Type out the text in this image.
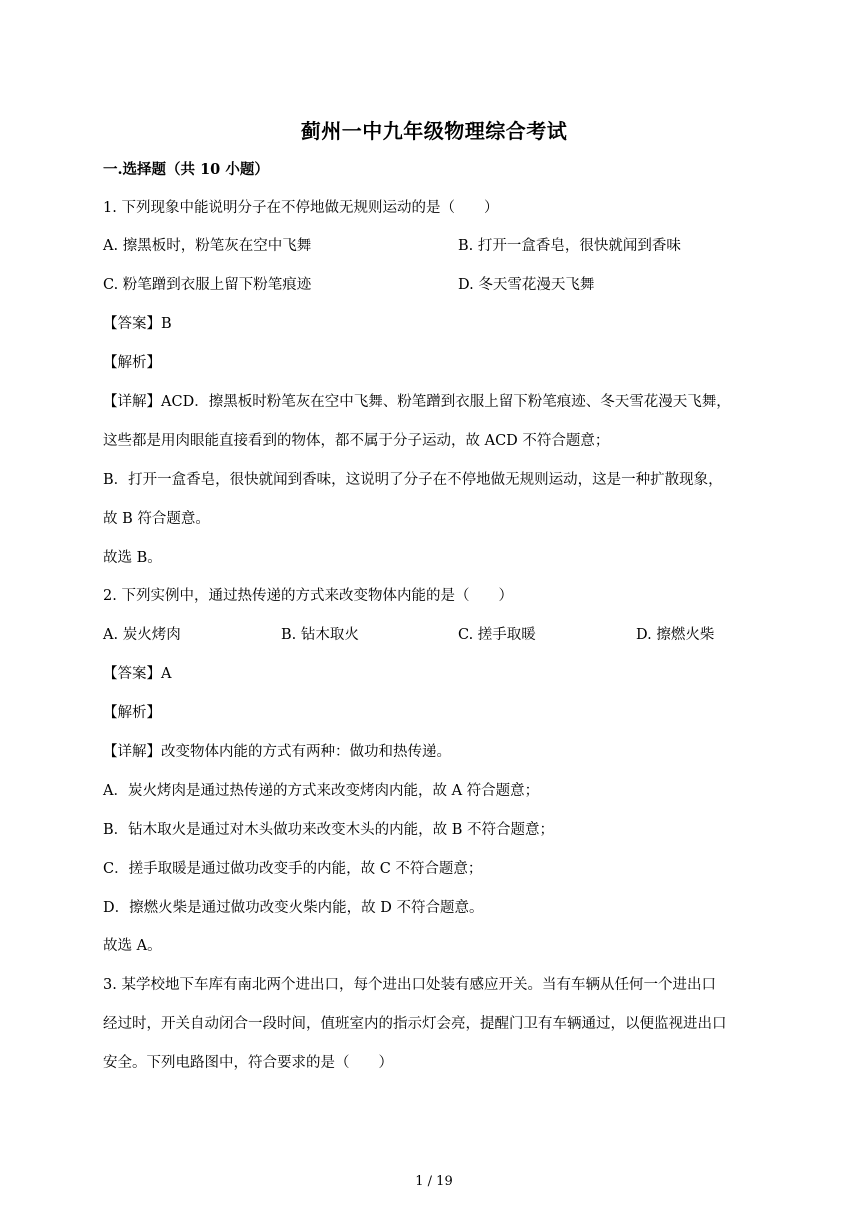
蓟州一中九年级物理综合考试
一.选择题（共 10 小题）
1. 下列现象中能说明分子在不停地做无规则运动的是（　　）
A. 擦黑板时，粉笔灰在空中飞舞	B. 打开一盒香皂，很快就闻到香味
C. 粉笔蹭到衣服上留下粉笔痕迹	D. 冬天雪花漫天飞舞
【答案】B
【解析】
【详解】ACD．擦黑板时粉笔灰在空中飞舞、粉笔蹭到衣服上留下粉笔痕迹、冬天雪花漫天飞舞，
这些都是用肉眼能直接看到的物体，都不属于分子运动，故 ACD 不符合题意；
B．打开一盒香皂，很快就闻到香味，这说明了分子在不停地做无规则运动，这是一种扩散现象，
故 B 符合题意。
故选 B。
2. 下列实例中，通过热传递的方式来改变物体内能的是（　　）
A. 炭火烤肉	B. 钻木取火	C. 搓手取暖	D. 擦燃火柴
【答案】A
【解析】
【详解】改变物体内能的方式有两种：做功和热传递。
A．炭火烤肉是通过热传递的方式来改变烤肉内能，故 A 符合题意；
B．钻木取火是通过对木头做功来改变木头的内能，故 B 不符合题意；
C．搓手取暖是通过做功改变手的内能，故 C 不符合题意；
D．擦燃火柴是通过做功改变火柴内能，故 D 不符合题意。
故选 A。
3. 某学校地下车库有南北两个进出口，每个进出口处装有感应开关。当有车辆从任何一个进出口
经过时，开关自动闭合一段时间，值班室内的指示灯会亮，提醒门卫有车辆通过，以便监视进出口
安全。下列电路图中，符合要求的是（　　）
1 / 19
